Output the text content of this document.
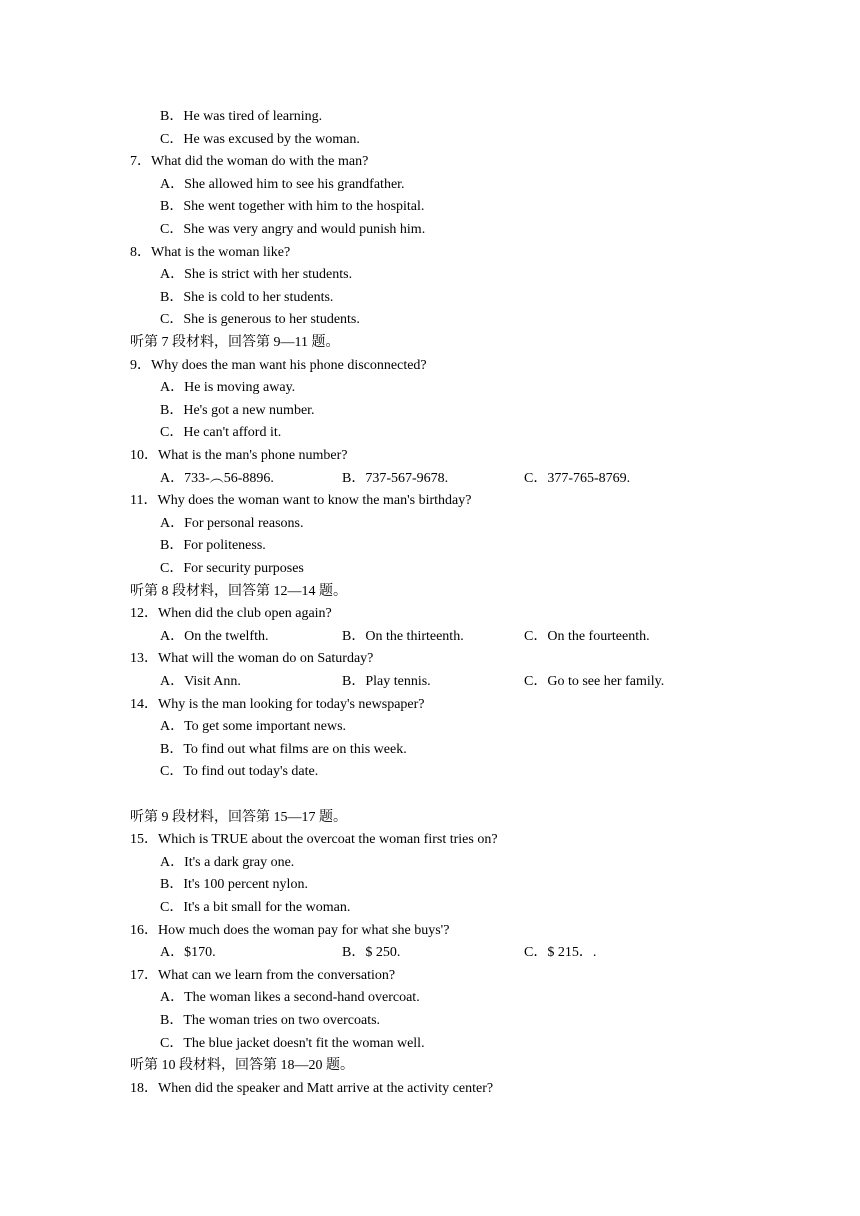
B．He was tired of learning.
C．He was excused by the woman.
7．What did the woman do with the man?
A．She allowed him to see his grandfather.
B．She went together with him to the hospital.
C．She was very angry and would punish him.
8．What is the woman like?
A．She is strict with her students.
B．She is cold to her students.
C．She is generous to her students.
听第 7 段材料，回答第 9—11 题。
9．Why does the man want his phone disconnected?
A．He is moving away.
B．He's got a new number.
C．He can't afford it.
10．What is the man's phone number?
A．733-︵56-8896.	B．737-567-9678.	C．377-765-8769.
11．Why does the woman want to know the man's birthday?
A．For personal reasons.
B．For politeness.
C．For security purposes
听第 8 段材料，回答第 12—14 题。
12．When did the club open again?
A．On the twelfth.	B．On the thirteenth.	C．On the fourteenth.
13．What will the woman do on Saturday?
A．Visit Ann.	B．Play tennis.	C．Go to see her family.
14．Why is the man looking for today's newspaper?
A．To get some important news.
B．To find out what films are on this week.
C．To find out today's date.
听第 9 段材料，回答第 15—17 题。
15．Which is TRUE about the overcoat the woman first tries on?
A．It's a dark gray one.
B．It's 100 percent nylon.
C．It's a bit small for the woman.
16．How much does the woman pay for what she buys'?
A．$170.	B．$ 250.	C．$ 215．.
17．What can we learn from the conversation?
A．The woman likes a second-hand overcoat.
B．The woman tries on two overcoats.
C．The blue jacket doesn't fit the woman well.
听第 10 段材料，回答第 18—20 题。
18．When did the speaker and Matt arrive at the activity center?
